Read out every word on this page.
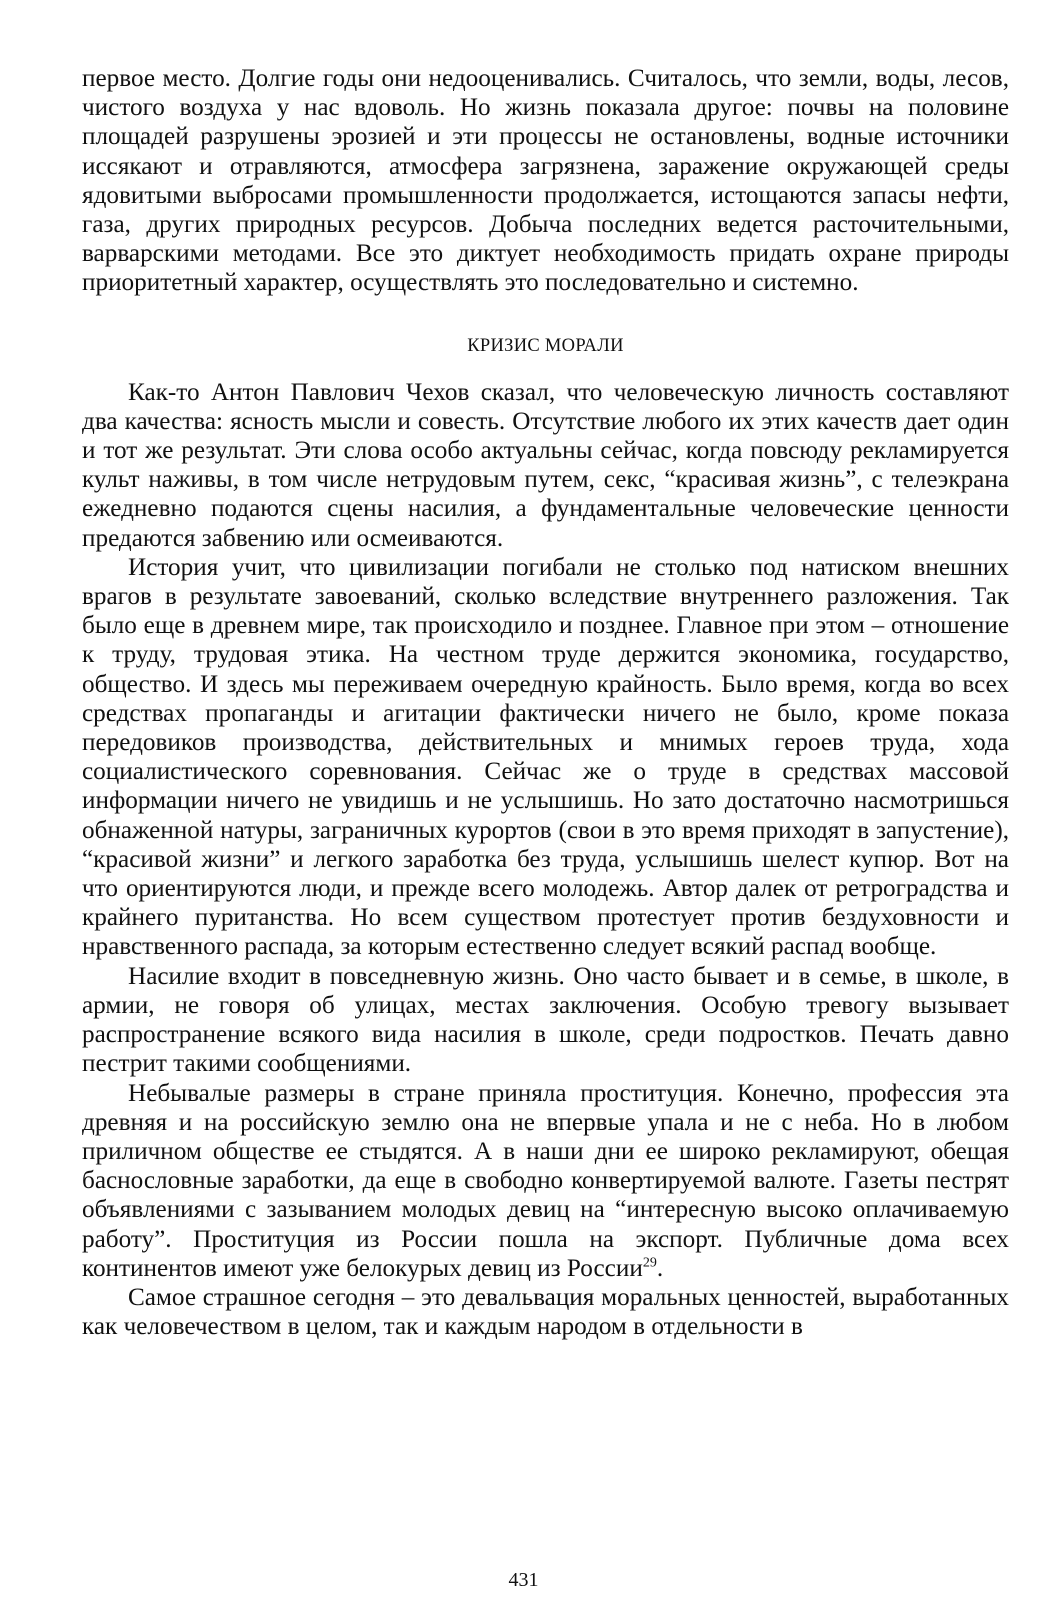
первое место. Долгие годы они недооценивались. Считалось, что земли, воды, лесов, чистого воздуха у нас вдоволь. Но жизнь показала другое: почвы на половине площадей разрушены эрозией и эти процессы не остановлены, водные источники иссякают и отравляются, атмосфера загрязнена, заражение окружающей среды ядовитыми выбросами промышленности продолжается, истощаются запасы нефти, газа, других природных ресурсов. Добыча последних ведется расточительными, варварскими методами. Все это диктует необходимость придать охране природы приоритетный характер, осуществлять это последовательно и системно.

КРИЗИС МОРАЛИ

Как-то Антон Павлович Чехов сказал, что человеческую личность составляют два качества: ясность мысли и совесть. Отсутствие любого их этих качеств дает один и тот же результат. Эти слова особо актуальны сейчас, когда повсюду рекламируется культ наживы, в том числе нетрудовым путем, секс, “красивая жизнь”, с телеэкрана ежедневно подаются сцены насилия, а фундаментальные человеческие ценности предаются забвению или осмеиваются.

История учит, что цивилизации погибали не столько под натиском внешних врагов в результате завоеваний, сколько вследствие внутреннего разложения. Так было еще в древнем мире, так происходило и позднее. Главное при этом – отношение к труду, трудовая этика. На честном труде держится экономика, государство, общество. И здесь мы переживаем очередную крайность. Было время, когда во всех средствах пропаганды и агитации фактически ничего не было, кроме показа передовиков производства, действительных и мнимых героев труда, хода социалистического соревнования. Сейчас же о труде в средствах массовой информации ничего не увидишь и не услышишь. Но зато достаточно насмотришься обнаженной натуры, заграничных курортов (свои в это время приходят в запустение), “красивой жизни” и легкого заработка без труда, услышишь шелест купюр. Вот на что ориентируются люди, и прежде всего молодежь. Автор далек от ретроградства и крайнего пуританства. Но всем существом протестует против бездуховности и нравственного распада, за которым естественно следует всякий распад вообще.

Насилие входит в повседневную жизнь. Оно часто бывает и в семье, в школе, в армии, не говоря об улицах, местах заключения. Особую тревогу вызывает распространение всякого вида насилия в школе, среди подростков. Печать давно пестрит такими сообщениями.

Небывалые размеры в стране приняла проституция. Конечно, профессия эта древняя и на российскую землю она не впервые упала и не с неба. Но в любом приличном обществе ее стыдятся. А в наши дни ее широко рекламируют, обещая баснословные заработки, да еще в свободно конвертируемой валюте. Газеты пестрят объявлениями с зазыванием молодых девиц на “интересную высоко оплачиваемую работу”. Проституция из России пошла на экспорт. Публичные дома всех континентов имеют уже белокурых девиц из России$^{29}$.

Самое страшное сегодня – это девальвация моральных ценностей, выработанных как человечеством в целом, так и каждым народом в отдельности в

431
